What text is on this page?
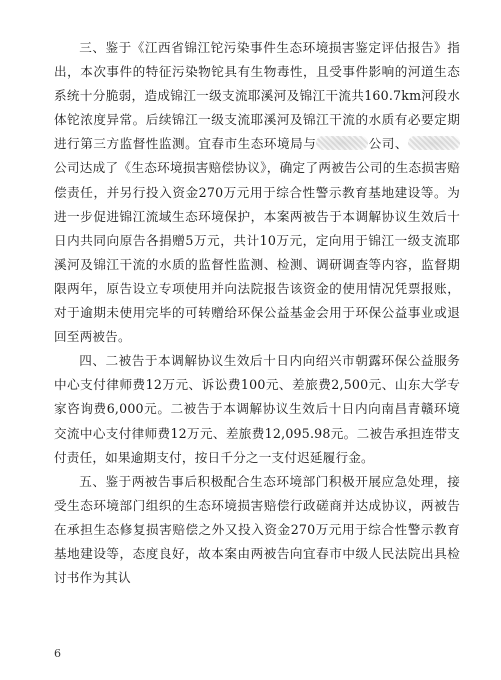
三、鉴于《江西省锦江铊污染事件生态环境损害鉴定评估报告》指出，本次事件的特征污染物铊具有生物毒性，且受事件影响的河道生态系统十分脆弱，造成锦江一级支流耶溪河及锦江干流共160.7km河段水体铊浓度异常。后续锦江一级支流耶溪河及锦江干流的水质有必要定期进行第三方监督性监测。宜春市生态环境局与	公司、公司达成了《生态环境损害赔偿协议》，确定了两被告公司的生态损害赔偿责任，并另行投入资金270万元用于综合性警示教育基地建设等。为进一步促进锦江流域生态环境保护，本案两被告于本调解协议生效后十日内共同向原告各捐赠5万元，共计10万元，定向用于锦江一级支流耶溪河及锦江干流的水质的监督性监测、检测、调研调查等内容，监督期限两年，原告设立专项使用并向法院报告该资金的使用情况凭票报账，对于逾期未使用完毕的可转赠给环保公益基金会用于环保公益事业或退回至两被告。

四、二被告于本调解协议生效后十日内向绍兴市朝露环保公益服务中心支付律师费12万元、诉讼费100元、差旅费2,500元、山东大学专家咨询费6,000元。二被告于本调解协议生效后十日内向南昌青赣环境交流中心支付律师费12万元、差旅费12,095.98元。二被告承担连带支付责任，如果逾期支付，按日千分之一支付迟延履行金。

五、鉴于两被告事后积极配合生态环境部门积极开展应急处理，接受生态环境部门组织的生态环境损害赔偿行政磋商并达成协议，两被告在承担生态修复损害赔偿之外又投入资金270万元用于综合性警示教育基地建设等，态度良好，故本案由两被告向宜春市中级人民法院出具检讨书作为其认

6
